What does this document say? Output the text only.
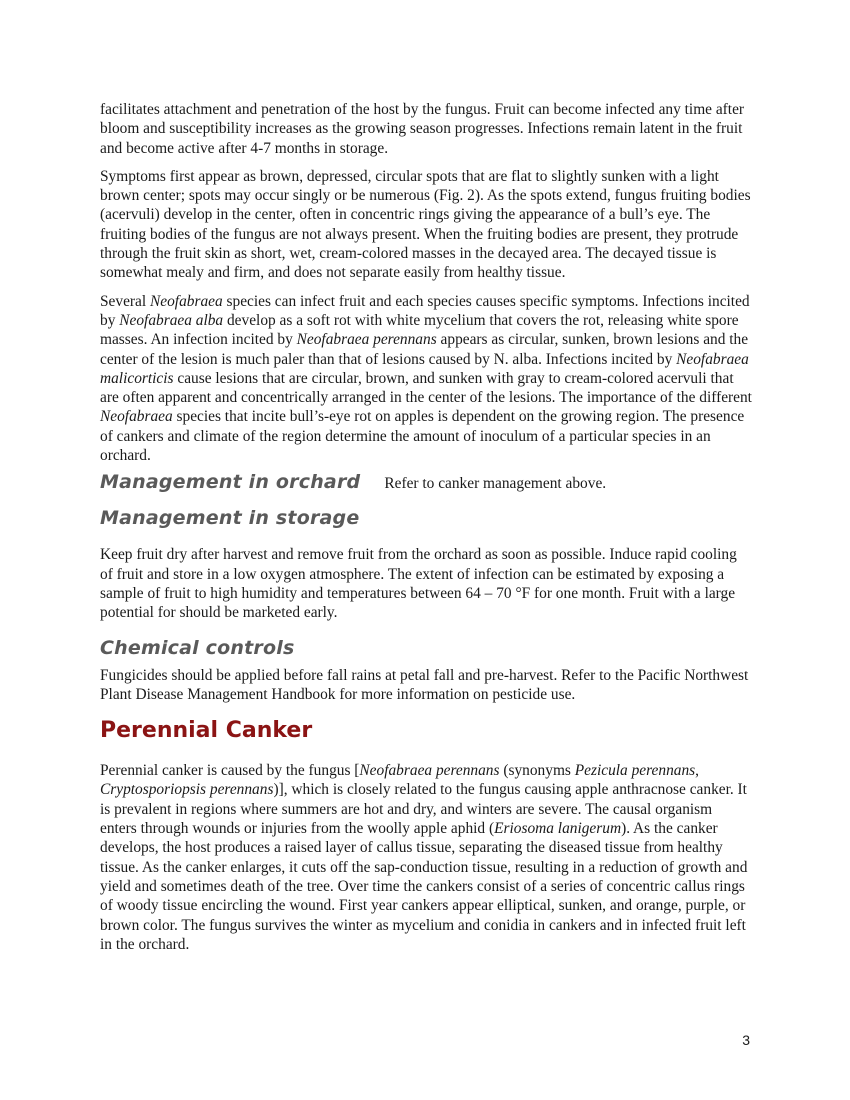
facilitates attachment and penetration of the host by the fungus. Fruit can become infected any time after bloom and susceptibility increases as the growing season progresses. Infections remain latent in the fruit and become active after 4-7 months in storage.

Symptoms first appear as brown, depressed, circular spots that are flat to slightly sunken with a light brown center; spots may occur singly or be numerous (Fig. 2). As the spots extend, fungus fruiting bodies (acervuli) develop in the center, often in concentric rings giving the appearance of a bull’s eye. The fruiting bodies of the fungus are not always present. When the fruiting bodies are present, they protrude through the fruit skin as short, wet, cream-colored masses in the decayed area. The decayed tissue is somewhat mealy and firm, and does not separate easily from healthy tissue.

Several Neofabraea species can infect fruit and each species causes specific symptoms. Infections incited by Neofabraea alba develop as a soft rot with white mycelium that covers the rot, releasing white spore masses. An infection incited by Neofabraea perennans appears as circular, sunken, brown lesions and the center of the lesion is much paler than that of lesions caused by N. alba. Infections incited by Neofabraea malicorticis cause lesions that are circular, brown, and sunken with gray to cream-colored acervuli that are often apparent and concentrically arranged in the center of the lesions. The importance of the different Neofabraea species that incite bull’s-eye rot on apples is dependent on the growing region. The presence of cankers and climate of the region determine the amount of inoculum of a particular species in an orchard.

Management in orchard Refer to canker management above.
Management in storage

Keep fruit dry after harvest and remove fruit from the orchard as soon as possible. Induce rapid cooling of fruit and store in a low oxygen atmosphere. The extent of infection can be estimated by exposing a sample of fruit to high humidity and temperatures between 64 – 70 °F for one month. Fruit with a large potential for should be marketed early.

Chemical controls

Fungicides should be applied before fall rains at petal fall and pre-harvest. Refer to the Pacific Northwest Plant Disease Management Handbook for more information on pesticide use.

Perennial Canker

Perennial canker is caused by the fungus [Neofabraea perennans (synonyms Pezicula perennans, Cryptosporiopsis perennans)], which is closely related to the fungus causing apple anthracnose canker. It is prevalent in regions where summers are hot and dry, and winters are severe. The causal organism enters through wounds or injuries from the woolly apple aphid (Eriosoma lanigerum). As the canker develops, the host produces a raised layer of callus tissue, separating the diseased tissue from healthy tissue. As the canker enlarges, it cuts off the sap-conduction tissue, resulting in a reduction of growth and yield and sometimes death of the tree. Over time the cankers consist of a series of concentric callus rings of woody tissue encircling the wound. First year cankers appear elliptical, sunken, and orange, purple, or brown color. The fungus survives the winter as mycelium and conidia in cankers and in infected fruit left in the orchard.

3
